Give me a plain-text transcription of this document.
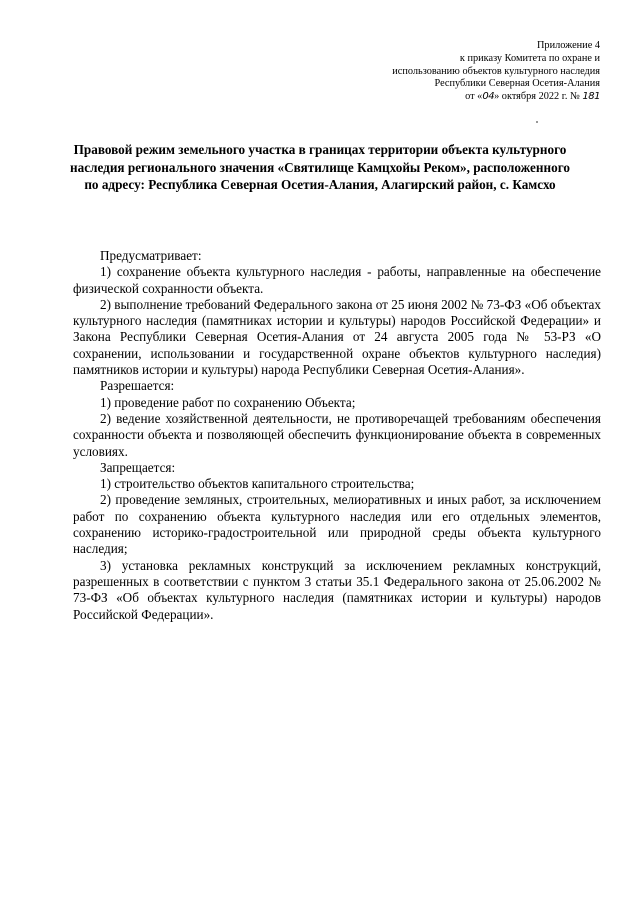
Приложение 4
к приказу Комитета по охране и
использованию объектов культурного наследия
Республики Северная Осетия-Алания
от «04» октября 2022 г. № 181
Правовой режим земельного участка в границах территории объекта культурного наследия регионального значения «Святилище Камцхойы Реком», расположенного по адресу: Республика Северная Осетия-Алания, Алагирский район, с. Камсхо

Предусматривает:

1) сохранение объекта культурного наследия - работы, направленные на обеспечение физической сохранности объекта.

2) выполнение требований Федерального закона от 25 июня 2002 № 73-ФЗ «Об объектах культурного наследия (памятниках истории и культуры) народов Российской Федерации» и Закона Республики Северная Осетия-Алания от 24 августа 2005 года № 53-РЗ «О сохранении, использовании и государственной охране объектов культурного наследия) памятников истории и культуры) народа Республики Северная Осетия-Алания».

Разрешается:

1) проведение работ по сохранению Объекта;

2) ведение хозяйственной деятельности, не противоречащей требованиям обеспечения сохранности объекта и позволяющей обеспечить функционирование объекта в современных условиях.

Запрещается:

1) строительство объектов капитального строительства;

2) проведение земляных, строительных, мелиоративных и иных работ, за исключением работ по сохранению объекта культурного наследия или его отдельных элементов, сохранению историко-градостроительной или природной среды объекта культурного наследия;

3) установка рекламных конструкций за исключением рекламных конструкций, разрешенных в соответствии с пунктом 3 статьи 35.1 Федерального закона от 25.06.2002 № 73-ФЗ «Об объектах культурного наследия (памятниках истории и культуры) народов Российской Федерации».
